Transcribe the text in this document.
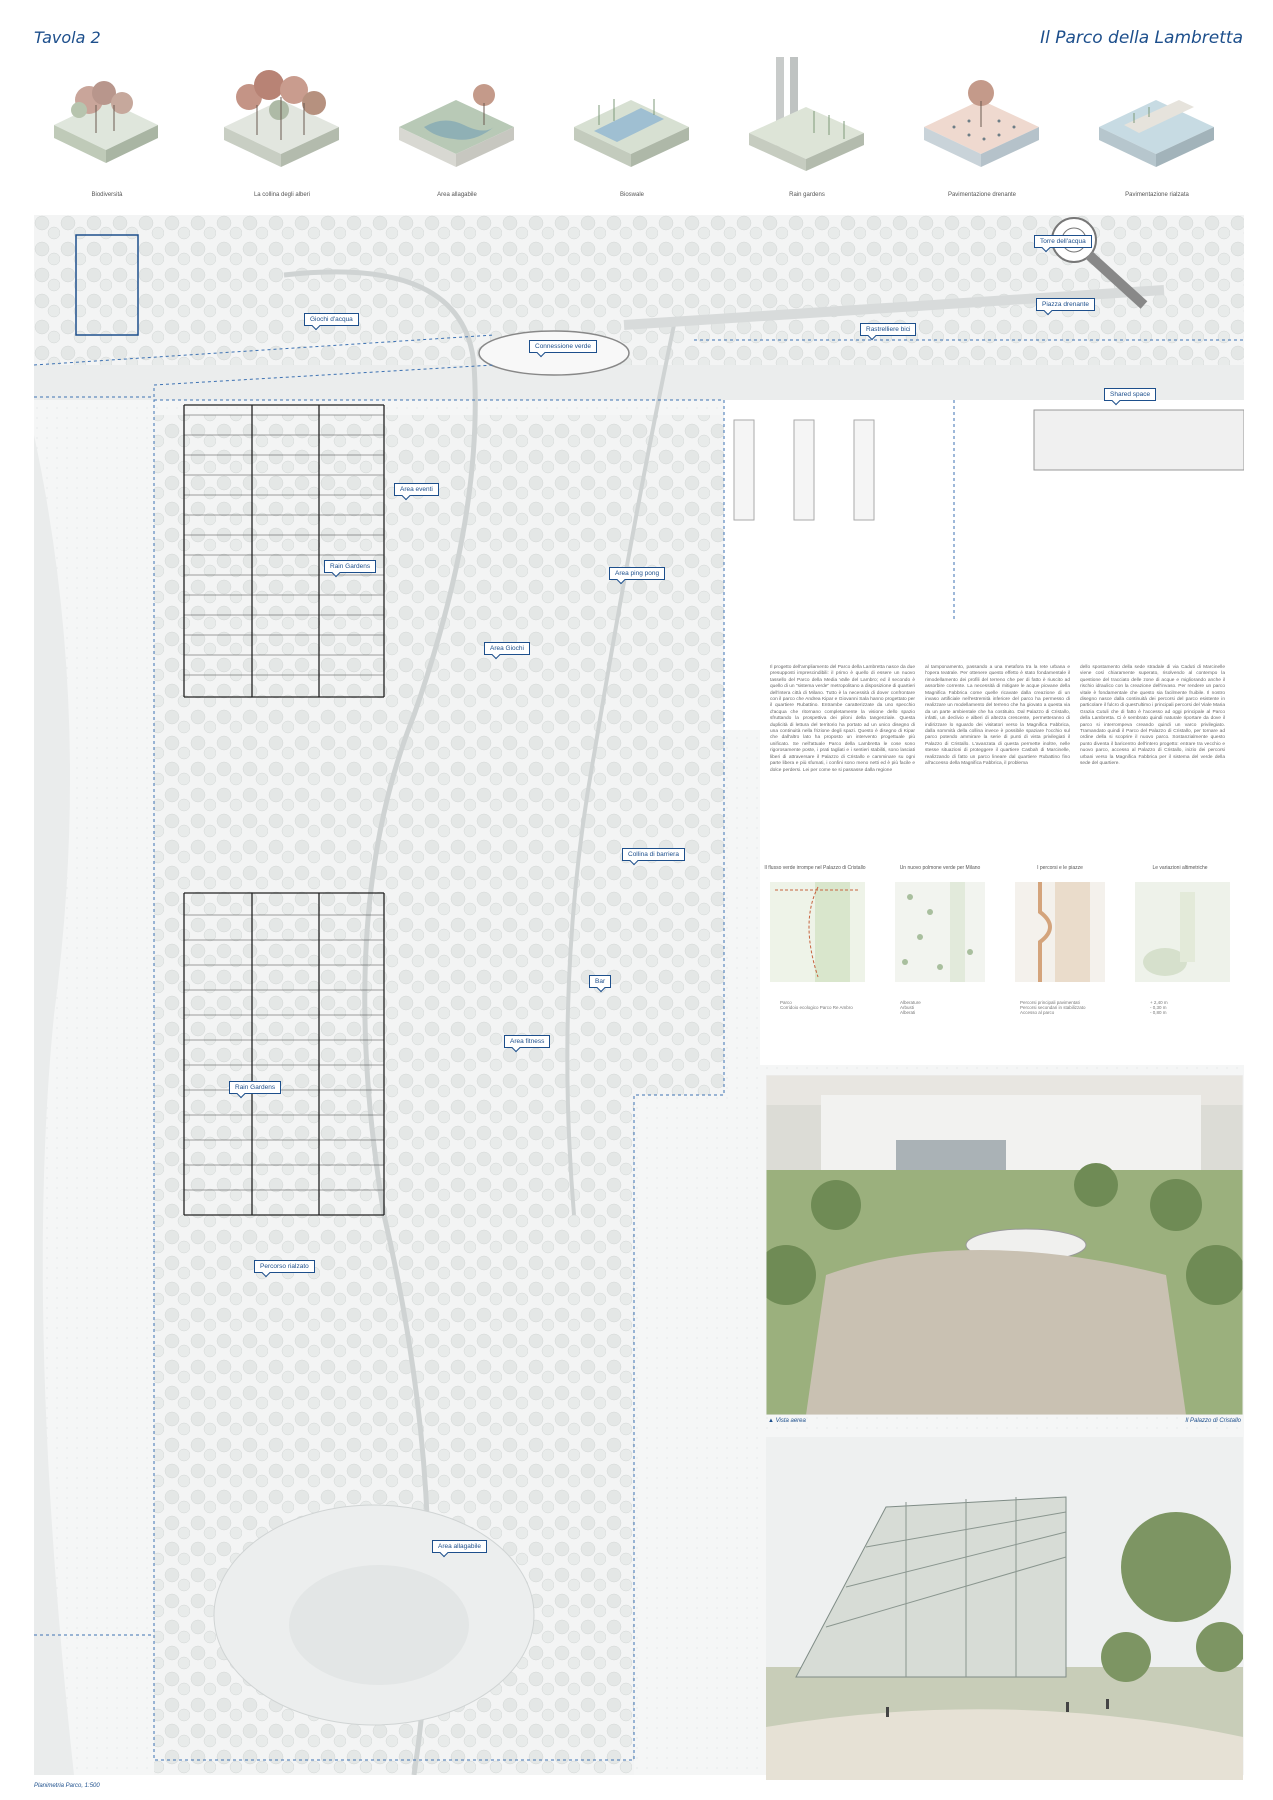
Tavola 2	Il Parco della Lambretta
Biodiversità	La collina degli alberi	Area allagabile	Bioswale	Rain gardens	Pavimentazione drenante	Pavimentazione rialzata
Torre dell'acqua
Piazza drenante
Giochi d'acqua
Connessione verde
Rastrelliere bici
Shared space
Area eventi
Rain Gardens
Area ping pong
Area Giochi
Collina di barriera
Bar
Area fitness
Rain Gardens
Percorso rialzato
Area allagabile
Planimetria Parco, 1:500
Il progetto dell'ampliamento del Parco della Lambretta nasce da due presupposti imprescindibili: il primo è quello di essere un nuovo tassello del Parco della Media Valle del Lambro; ed il secondo è quello di un "sistema verde" metropolitano a disposizione di quartieri dell'intera città di Milano. Tutto è la necessità di dover confrontare con il parco che Andrea Kipar e Giovanni Sala hanno progettato per il quartiere Rubattino. Entrambe caratterizzate da uno specchio d'acqua che ritornano completamente la visione dello spazio sfruttando la prospettiva dei piloni della tangenziale. Questa duplicità di lettura del territorio ha portato ad un unico disegno di una continuità nella frizione degli spazi. Questo è disegno di Kipar che dall'altro lato ha proposto un intervento progettuale più unificato. Se nell'attuale Parco della Lambretta le cose sono rigorosamente poste, i prati tagliati e i sentieri stabiliti, sono lasciati liberi di attraversare il Palazzo di Cristallo e camminare su ogni parte libera e più sfumati, i confini sono meno netti ed è più facile e dolce perdersi. Lei per come se si passasse dalla regione
al tamponamento, passando a una metafora tra la rete urbana e l'opera teatrale. Per ottenere questo effetto è stato fondamentale il rimodellamento dei profili del terreno che per di fatto è riuscito ad assorbire corrente. La necessità di mitigare le acque piovane della Magnifica Fabbrica come quelle ricavate dalla creazione di un invaso artificiale nell'estremità inferiore del parco ha permesso di realizzare un modellamento del terreno che ha giovato a questa via da un parte ambientale che ha costituito. Dal Palazzo di Cristallo, infatti, un declivio e alberi di altezza crescente, permetteranno di indirizzare lo sguardo dei visitatori verso la Magnifica Fabbrica, dalla sommità della collina invece è possibile spaziare l'occhio sul parco potendo ammirare la serie di punti di vista privilegiati il Palazzo di Cristallo. L'avanzata di questa permette inoltre, nelle stesse situazioni di proteggere il quartiere Casbah di Marcinelle, realizzando di fatto un parco lineare dal quartiere Rubattino fino all'accesso della Magnifica Fabbrica, il problema
dello spostamento della sede stradale di via Caduti di Marcinelle viene così chiaramente superato, risolvendo al contempo la questione del tracciato delle zone di acque e migliorando anche il rischio idraulico con la creazione dell'invaso. Per rendere un parco vitale è fondamentale che questo sia facilmente fruibile. Il nostro disegno nasce dalla continuità dei percorsi del parco esistente in particolare il fulcro di quest'ultimo i principali percorsi del Viale Maria Grazia Cutuli che di fatto è l'accesso ad oggi principale al Parco della Lambretta. Ci è sembrato quindi naturale riportare da dove il parco si interrompeva creando quindi un varco privilegiato. Tramandato quindi il Parco del Palazzo di Cristallo, per tornare ad ordine della si scoprire il nuovo parco. Sostanzialmente questo punto diventa il baricentro dell'intero progetto: entrare tra vecchio e nuovo parco, accesso al Palazzo di Cristallo, inizio dei percorsi urbani verso la Magnifica Fabbrica per il sistema del verde della sede del quartiere.
Il flusso verde irrompe nel Palazzo di Cristallo	Un nuovo polmone verde per Milano	I percorsi e le piazze	Le variazioni altimetriche
Parco
Corridoio ecologico Parco Re Ambro
Alberature
Arbusti
Alberati
Percorsi principali pavimentati
Percorsi secondari in stabilizzato
Accesso al parco
+ 2,40 m
- 0,30 m
- 0,80 m
▲ Vista aerea	Il Palazzo di Cristallo
